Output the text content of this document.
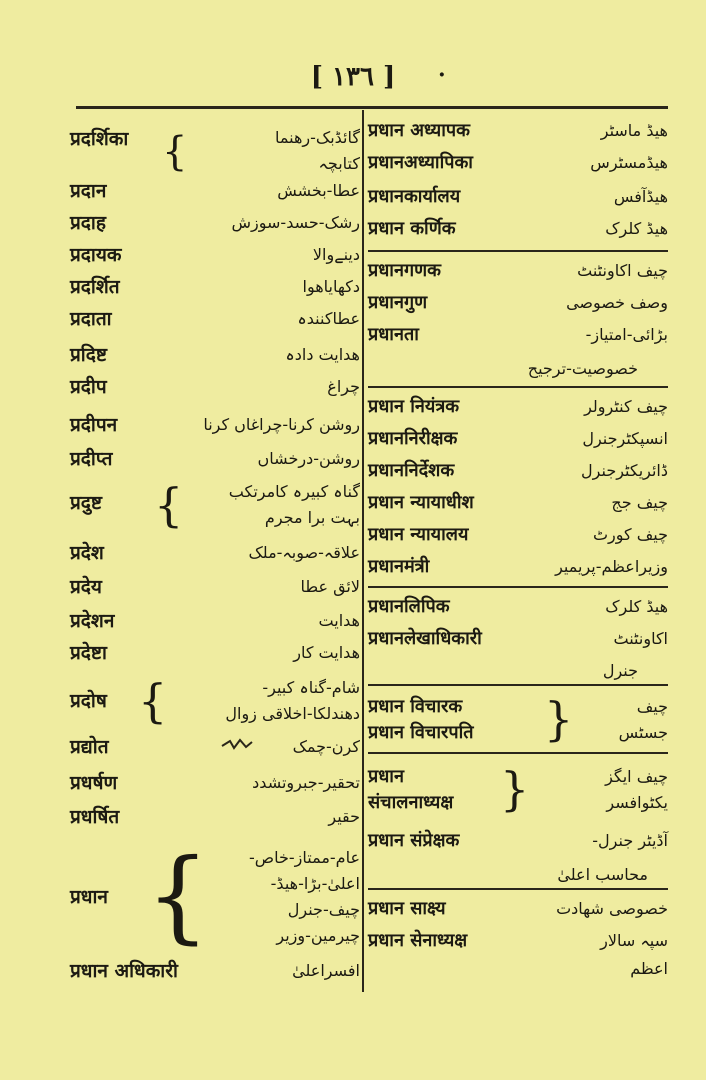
[ ١٣٦ ] ·
प्रदर्शिका {	گائڈبک-رهنما
کتابچہ
प्रदान	عطا-بخشش
प्रदाह	رشک-حسد-سوزش
प्रदायक	دینےوالا
प्रदर्शित	دکھایاهوا
प्रदाता	عطاکنندہ
प्रदिष्ट	هدایت دادہ
प्रदीप	چراغ
प्रदीपन	روشن کرنا-چراغاں کرنا
प्रदीप्त	روشن-درخشاں
प्रदुष्ट {	گناہ کبیرہ کامرتکب
بہت برا مجرم
प्रदेश	علاقہ-صوبہ-ملک
प्रदेय	لائق عطا
प्रदेशन	هدایت
प्रदेष्टा	هدایت کار
प्रदोष {	شام-گناہ کبیر-
دهندلکا-اخلاقی زوال
प्रद्योत	کرن-چمک
प्रधर्षण	تحقیر-جبروتشدد
प्रधर्षित	حقیر
प्रधान { عام-ممتاز-خاص-
اعلیٰ-بڑا-هیڈ-
چیف-جنرل
چیرمین-وزیر
प्रधान अधिकारी	افسراعلیٰ
प्रधान अध्यापक	هیڈ ماسٹر
प्रधानअध्यापिका	هیڈمسٹرس
प्रधानकार्यालय	هیڈآفس
प्रधान कर्णिक	هیڈ کلرک
प्रधानगणक	چیف اکاونٹنٹ
प्रधानगुण	وصف خصوصی
प्रधानता	بڑائی-امتیاز-
خصوصیت-ترجیح
प्रधान नियंत्रक	چیف کنٹرولر
प्रधाननिरीक्षक	انسپکٹرجنرل
प्रधाननिर्देशक	ڈائریکٹرجنرل
प्रधान न्यायाधीश	چیف جج
प्रधान न्यायालय	چیف کورٹ
प्रधानमंत्री	وزیراعظم-پریمیر
प्रधानलिपिक	هیڈ کلرک
प्रधानलेखाधिकारी	اکاونٹنٹ
جنرل
प्रधान विचारक
प्रधान विचारपति }	چیف
جسٹس
प्रधान
संचालनाध्यक्ष }	چیف ایگز
یکٹوافسر
प्रधान संप्रेक्षक	آڈیٹر جنرل-
محاسب اعلیٰ
प्रधान साक्ष्य	خصوصی شهادت
प्रधान सेनाध्यक्ष	سپہ سالار
اعظم
